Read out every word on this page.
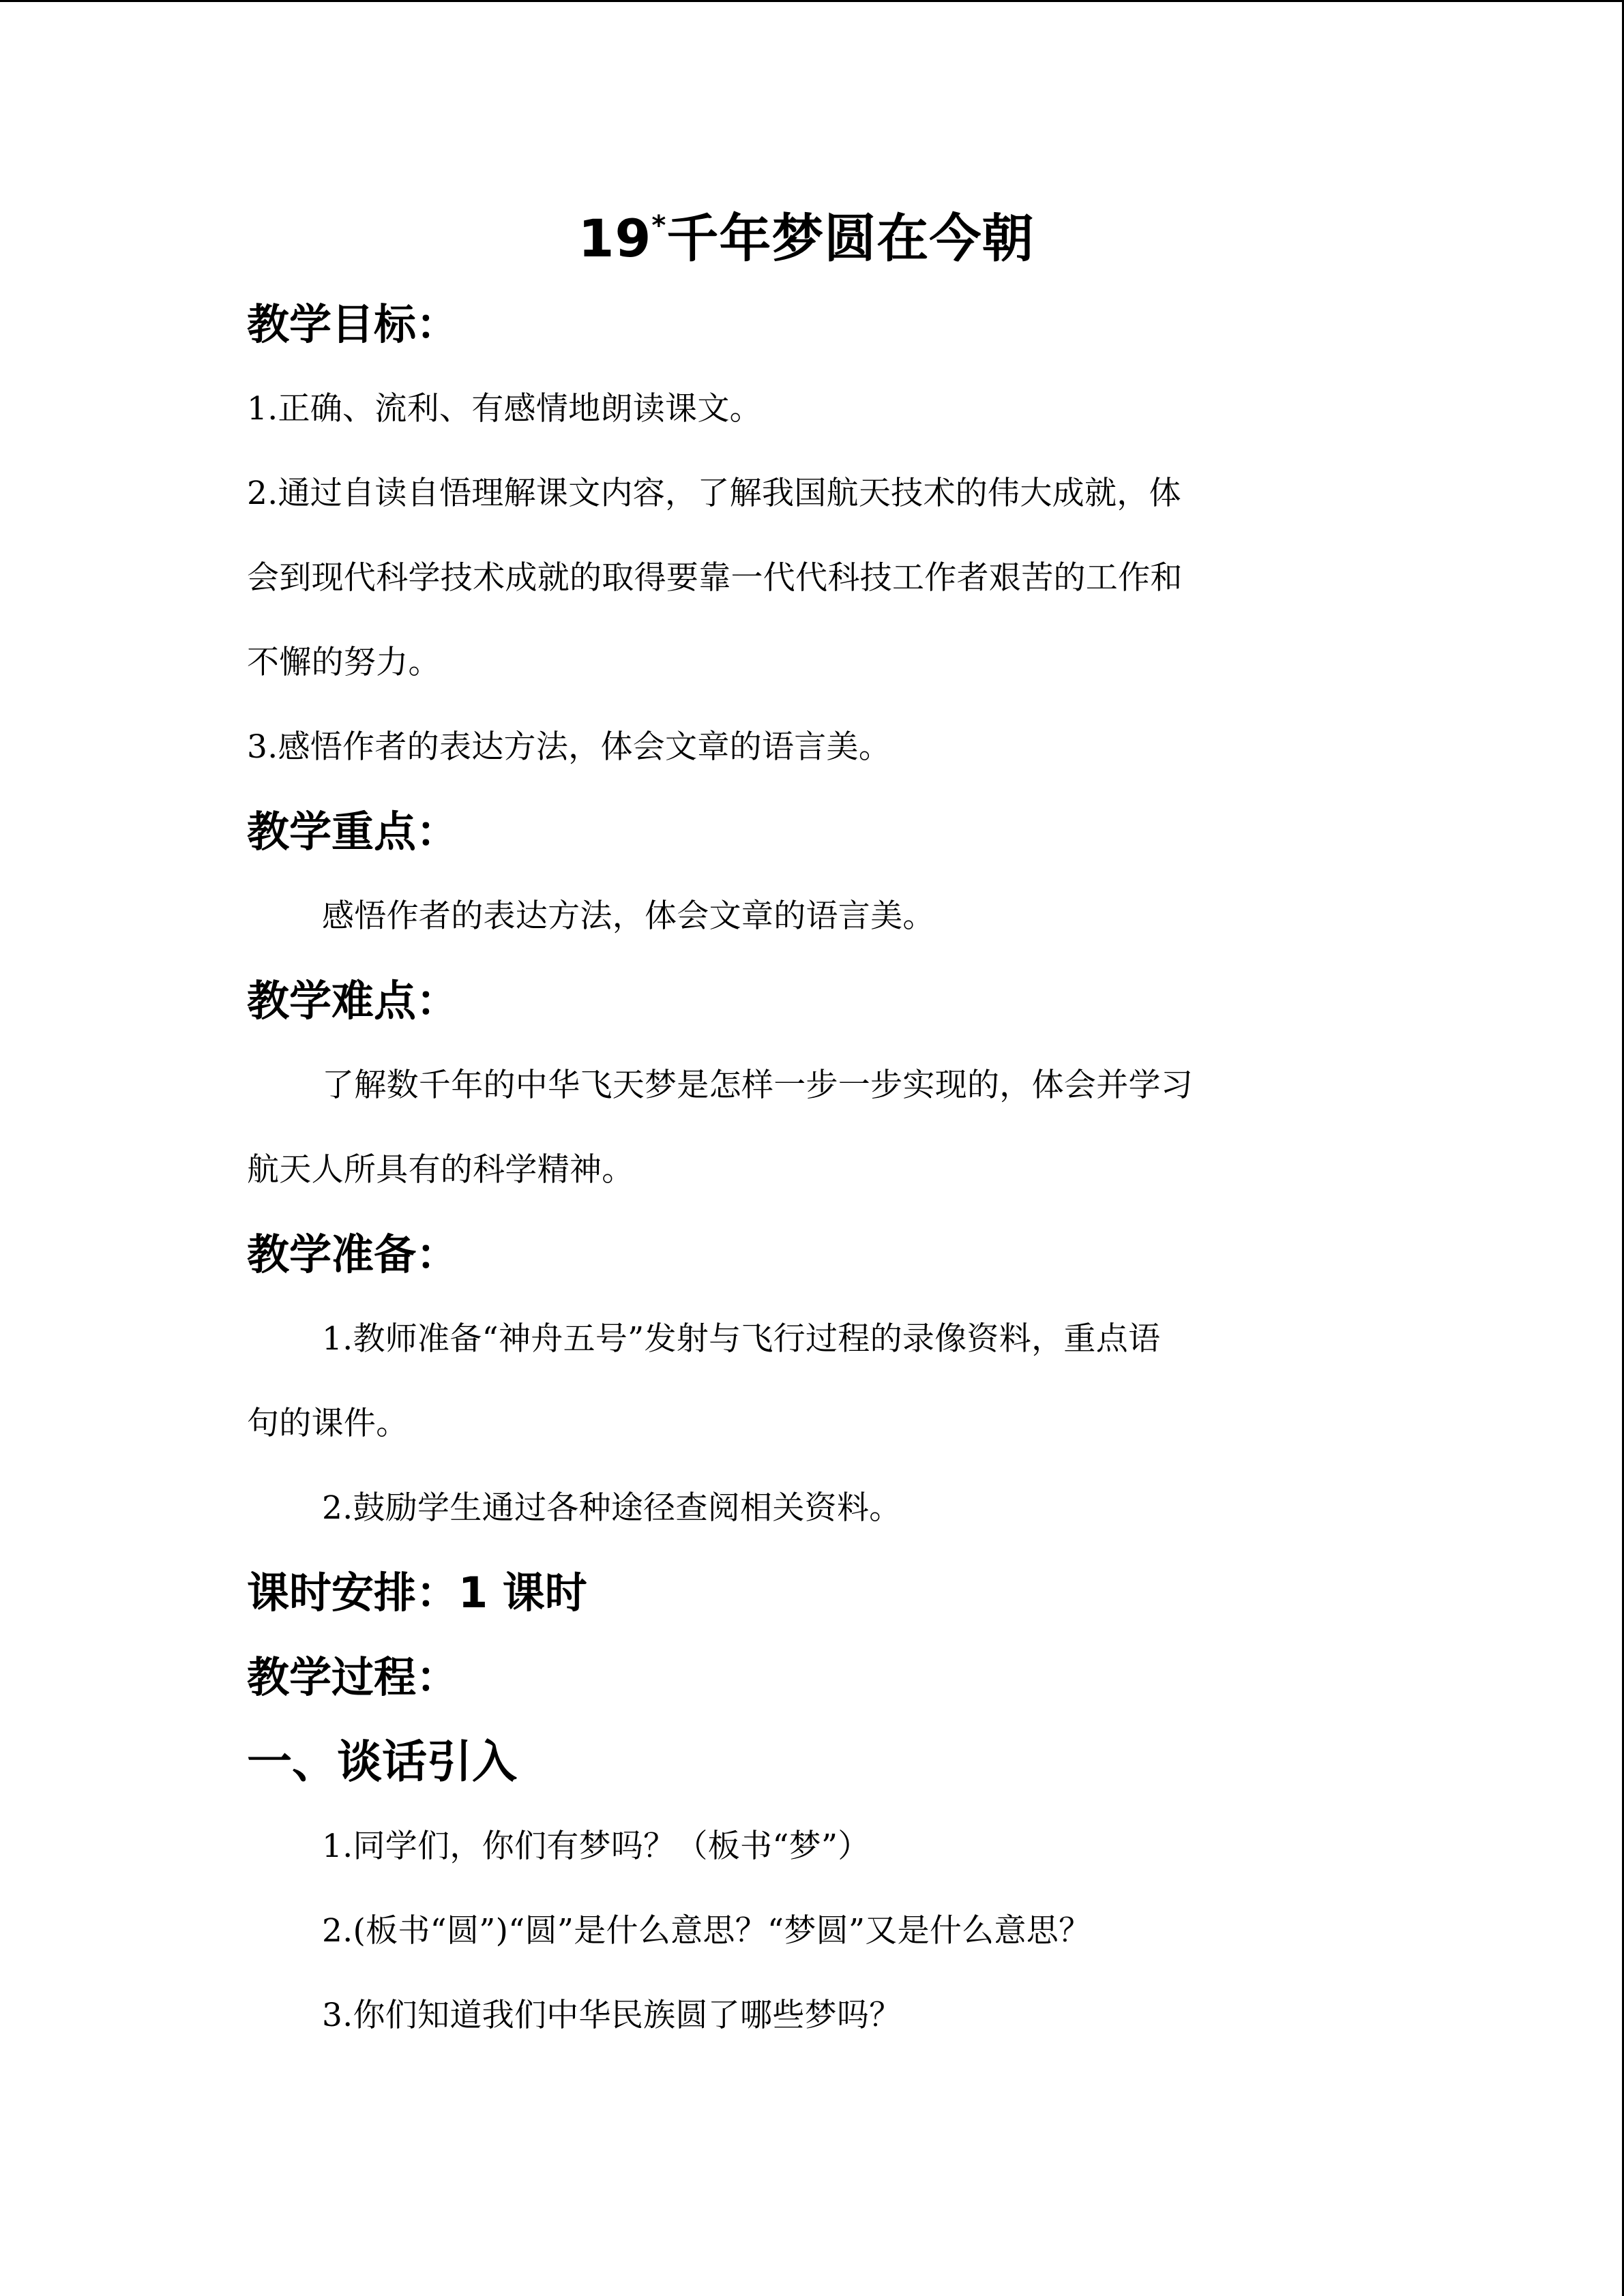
19*千年梦圆在今朝
教学目标：
1.正确、流利、有感情地朗读课文。
2.通过自读自悟理解课文内容，了解我国航天技术的伟大成就，体
会到现代科学技术成就的取得要靠一代代科技工作者艰苦的工作和
不懈的努力。
3.感悟作者的表达方法，体会文章的语言美。
教学重点：
感悟作者的表达方法，体会文章的语言美。
教学难点：
了解数千年的中华飞天梦是怎样一步一步实现的，体会并学习
航天人所具有的科学精神。
教学准备：
1.教师准备“神舟五号”发射与飞行过程的录像资料，重点语
句的课件。
2.鼓励学生通过各种途径查阅相关资料。
课时安排：1 课时
教学过程：
一、谈话引入
1.同学们，你们有梦吗？（板书“梦”）
2.(板书“圆”)“圆”是什么意思？“梦圆”又是什么意思？
3.你们知道我们中华民族圆了哪些梦吗？
